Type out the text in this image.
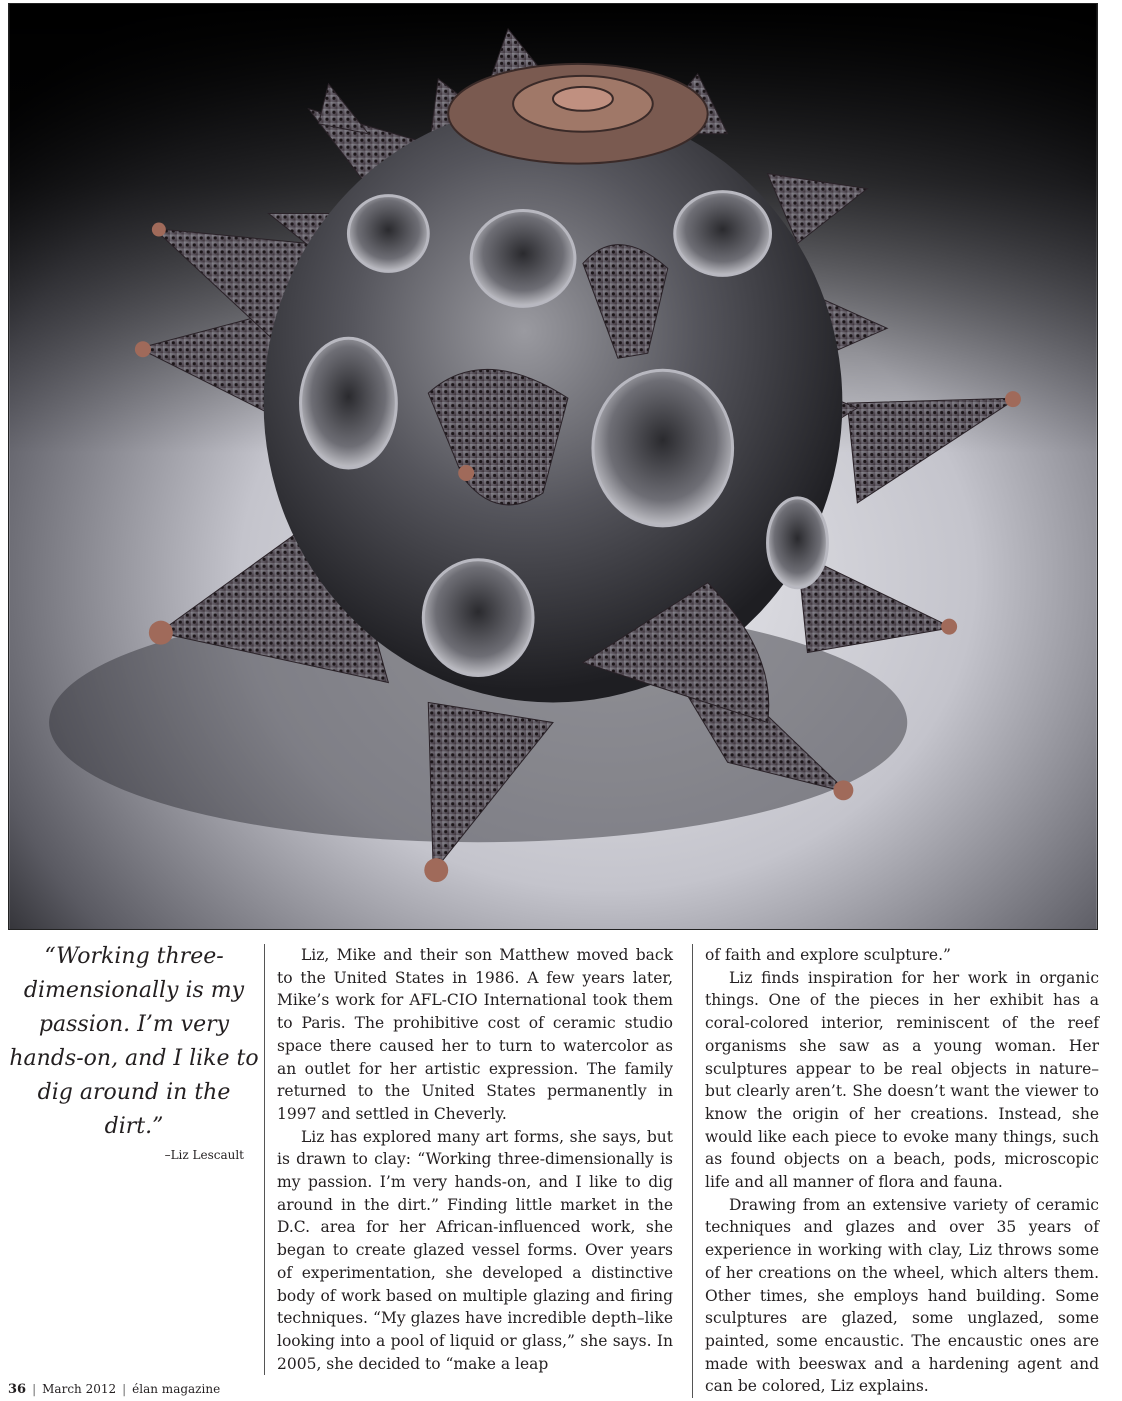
“Working three-dimensionally is my passion. I’m very hands-on, and I like to dig around in the dirt.”

–Liz Lescault

Liz, Mike and their son Matthew moved back to the United States in 1986. A few years later, Mike’s work for AFL-CIO International took them to Paris. The prohibitive cost of ceramic studio space there caused her to turn to watercolor as an outlet for her artistic expression. The family returned to the United States permanently in 1997 and settled in Cheverly.

Liz has explored many art forms, she says, but is drawn to clay: “Working three-dimensionally is my passion. I’m very hands-on, and I like to dig around in the dirt.” Finding little market in the D.C. area for her African-influenced work, she began to create glazed vessel forms. Over years of experimentation, she developed a distinctive body of work based on multiple glazing and firing techniques. “My glazes have incredible depth–like looking into a pool of liquid or glass,” she says. In 2005, she decided to “make a leap

of faith and explore sculpture.”

Liz finds inspiration for her work in organic things. One of the pieces in her exhibit has a coral-colored interior, reminiscent of the reef organisms she saw as a young woman. Her sculptures appear to be real objects in nature–but clearly aren’t. She doesn’t want the viewer to know the origin of her creations. Instead, she would like each piece to evoke many things, such as found objects on a beach, pods, microscopic life and all manner of flora and fauna.

Drawing from an extensive variety of ceramic techniques and glazes and over 35 years of experience in working with clay, Liz throws some of her creations on the wheel, which alters them. Other times, she employs hand building. Some sculptures are glazed, some unglazed, some painted, some encaustic. The encaustic ones are made with beeswax and a hardening agent and can be colored, Liz explains.

36 | March 2012 | élan magazine
